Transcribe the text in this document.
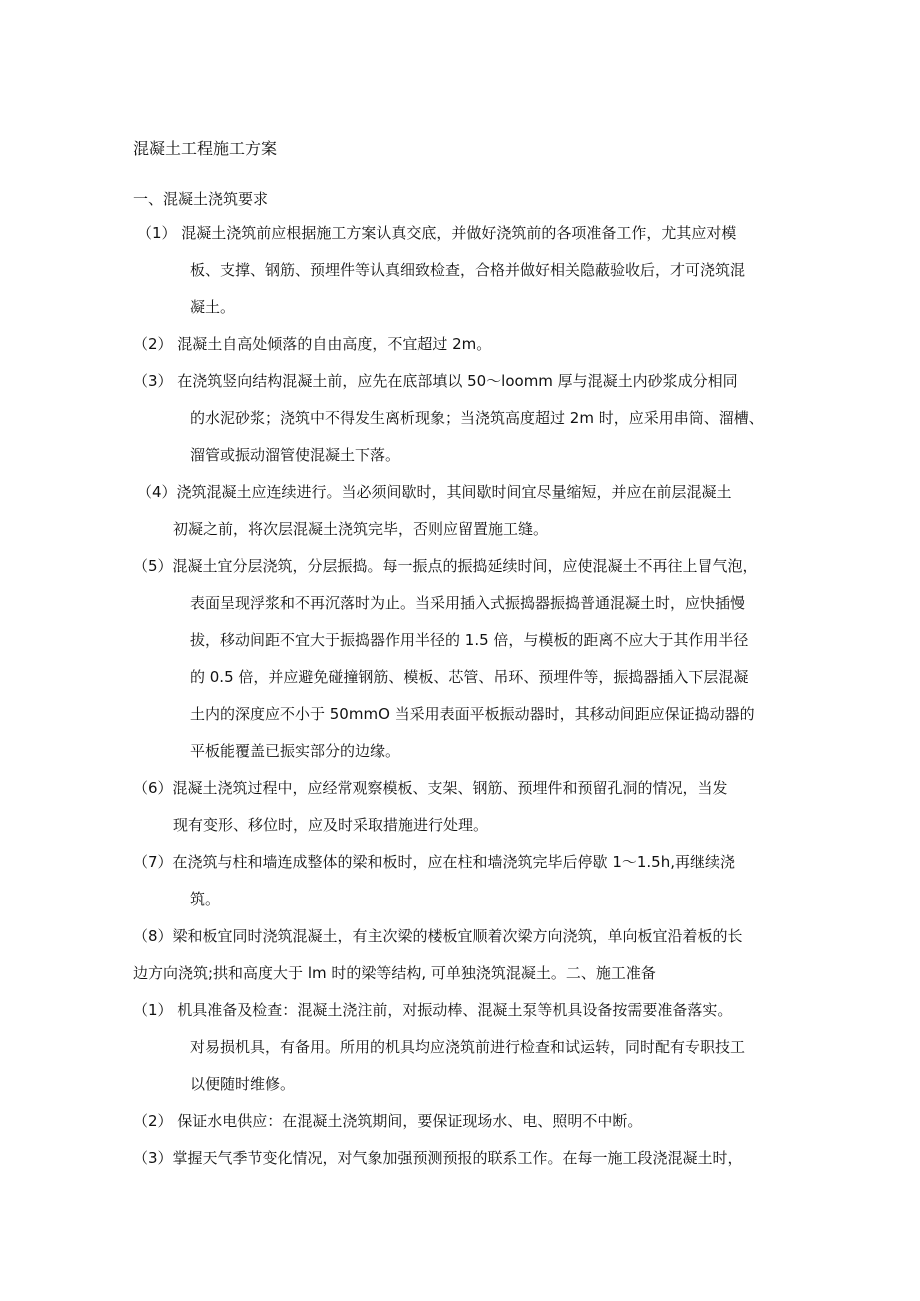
混凝土工程施工方案
一、混凝土浇筑要求
（1） 混凝土浇筑前应根据施工方案认真交底，并做好浇筑前的各项准备工作，尤其应对模
板、支撑、钢筋、预埋件等认真细致检查，合格并做好相关隐蔽验收后，才可浇筑混
凝土。
（2） 混凝土自高处倾落的自由高度，不宜超过 2m。
（3） 在浇筑竖向结构混凝土前，应先在底部填以 50～loomm 厚与混凝土内砂浆成分相同
的水泥砂浆；浇筑中不得发生离析现象；当浇筑高度超过 2m 时，应采用串筒、溜槽、
溜管或振动溜管使混凝土下落。
（4）浇筑混凝土应连续进行。当必须间歇时，其间歇时间宜尽量缩短，并应在前层混凝土
初凝之前，将次层混凝土浇筑完毕，否则应留置施工缝。
（5）混凝土宜分层浇筑，分层振捣。每一振点的振捣延续时间，应使混凝土不再往上冒气泡，
表面呈现浮浆和不再沉落时为止。当采用插入式振捣器振捣普通混凝土时，应快插慢
拔，移动间距不宜大于振捣器作用半径的 1.5 倍，与模板的距离不应大于其作用半径
的 0.5 倍，并应避免碰撞钢筋、模板、芯管、吊环、预埋件等，振捣器插入下层混凝
土内的深度应不小于 50mmO 当采用表面平板振动器时，其移动间距应保证捣动器的
平板能覆盖已振实部分的边缘。
（6）混凝土浇筑过程中，应经常观察模板、支架、钢筋、预埋件和预留孔洞的情况，当发
现有变形、移位时，应及时采取措施进行处理。
（7）在浇筑与柱和墙连成整体的梁和板时，应在柱和墙浇筑完毕后停歇 1～1.5h,再继续浇
筑。
（8）梁和板宜同时浇筑混凝土，有主次梁的楼板宜顺着次梁方向浇筑，单向板宜沿着板的长
边方向浇筑;拱和高度大于 lm 时的梁等结构, 可单独浇筑混凝土。二、施工准备
（1） 机具准备及检查：混凝土浇注前，对振动棒、混凝土泵等机具设备按需要准备落实。
对易损机具，有备用。所用的机具均应浇筑前进行检查和试运转，同时配有专职技工
以便随时维修。
（2） 保证水电供应：在混凝土浇筑期间，要保证现场水、电、照明不中断。
（3）掌握天气季节变化情况，对气象加强预测预报的联系工作。在每一施工段浇混凝土时，
